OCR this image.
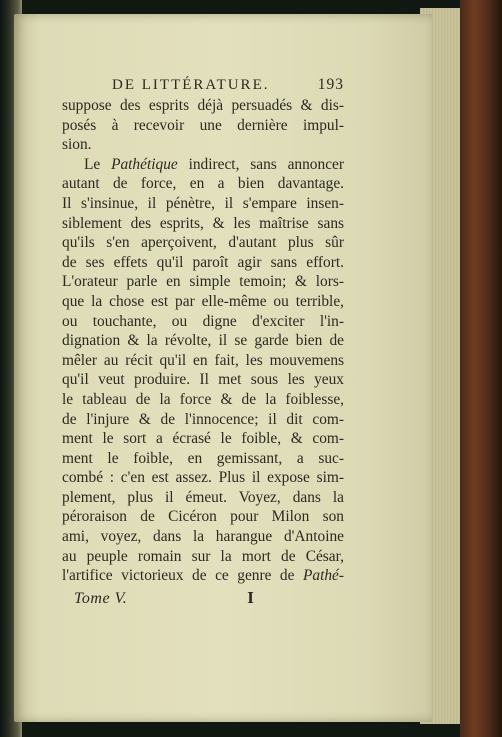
DE LITTÉRATURE.	193
suppose des esprits déjà persuadés & dis-
posés à recevoir une dernière impul-
sion.
Le Pathétique indirect, sans annoncer
autant de force, en a bien davantage.
Il s'insinue, il pénètre, il s'empare insen-
siblement des esprits, & les maîtrise sans
qu'ils s'en aperçoivent, d'autant plus sûr
de ses effets qu'il paroît agir sans effort.
L'orateur parle en simple temoin; & lors-
que la chose est par elle-même ou terrible,
ou touchante, ou digne d'exciter l'in-
dignation & la révolte, il se garde bien de
mêler au récit qu'il en fait, les mouvemens
qu'il veut produire. Il met sous les yeux
le tableau de la force & de la foiblesse,
de l'injure & de l'innocence; il dit com-
ment le sort a écrasé le foible, & com-
ment le foible, en gemissant, a suc-
combé : c'en est assez. Plus il expose sim-
plement, plus il émeut. Voyez, dans la
péroraison de Cicéron pour Milon son
ami, voyez, dans la harangue d'Antoine
au peuple romain sur la mort de César,
l'artifice victorieux de ce genre de Pathé-
Tome V.	I
